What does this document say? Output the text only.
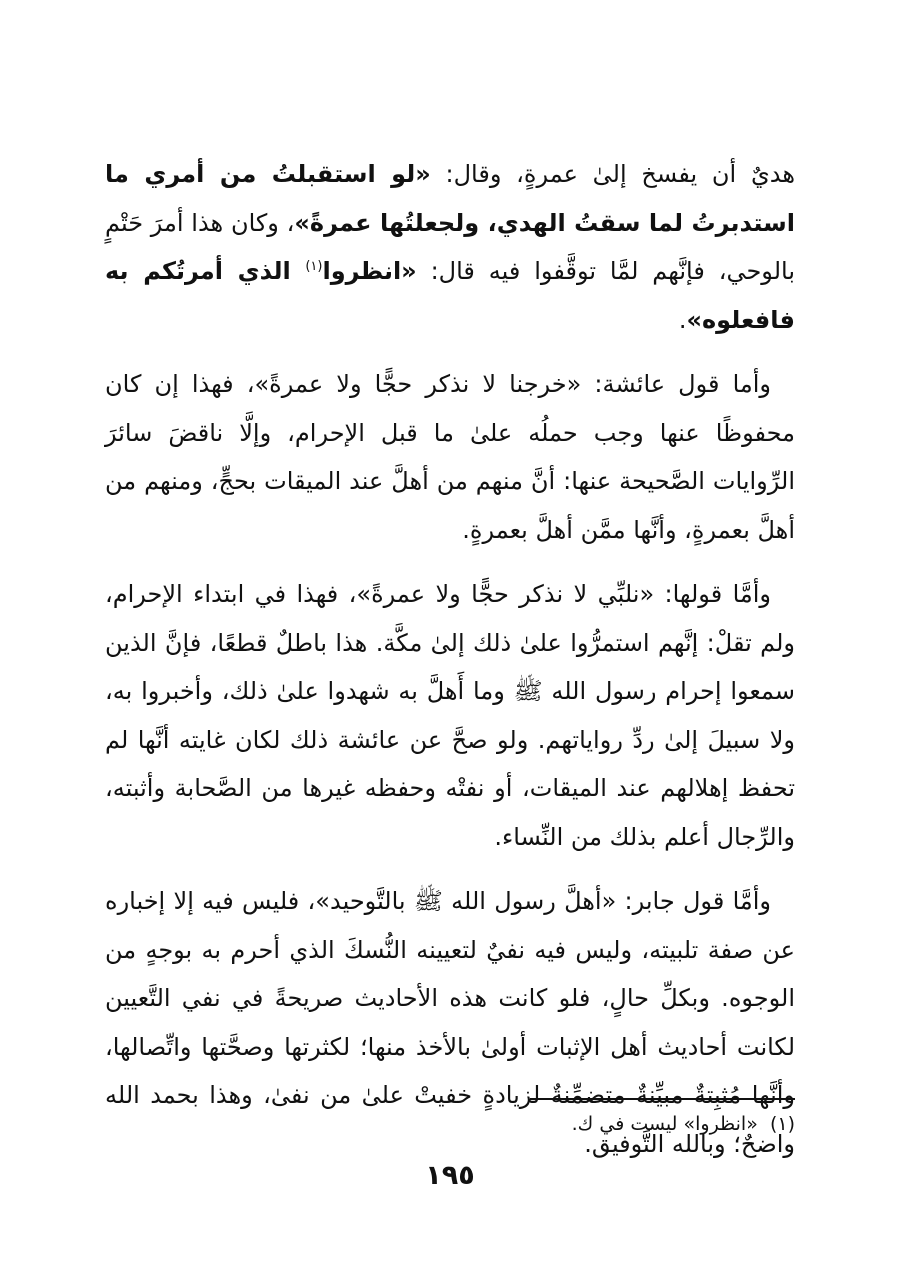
هديٌ أن يفسخ إلىٰ عمرةٍ، وقال: «لو استقبلتُ من أمري ما استدبرتُ لما سقتُ الهدي، ولجعلتُها عمرةً»، وكان هذا أمرَ حَتْمٍ بالوحي، فإنَّهم لمَّا توقَّفوا فيه قال: «انظروا$^{(١)}$ الذي أمرتُكم به فافعلوه».

وأما قول عائشة: «خرجنا لا نذكر حجًّا ولا عمرةً»، فهذا إن كان محفوظًا عنها وجب حملُه علىٰ ما قبل الإحرام، وإلَّا ناقضَ سائرَ الرِّوايات الصَّحيحة عنها: أنَّ منهم من أهلَّ عند الميقات بحجٍّ، ومنهم من أهلَّ بعمرةٍ، وأنَّها ممَّن أهلَّ بعمرةٍ.

وأمَّا قولها: «نلبِّي لا نذكر حجًّا ولا عمرةً»، فهذا في ابتداء الإحرام، ولم تقلْ: إنَّهم استمرُّوا علىٰ ذلك إلىٰ مكَّة. هذا باطلٌ قطعًا، فإنَّ الذين سمعوا إحرام رسول الله ﷺ وما أَهلَّ به شهدوا علىٰ ذلك، وأخبروا به، ولا سبيلَ إلىٰ ردِّ رواياتهم. ولو صحَّ عن عائشة ذلك لكان غايته أنَّها لم تحفظ إهلالهم عند الميقات، أو نفتْه وحفظه غيرها من الصَّحابة وأثبته، والرِّجال أعلم بذلك من النِّساء.

وأمَّا قول جابر: «أهلَّ رسول الله ﷺ بالتَّوحيد»، فليس فيه إلا إخباره عن صفة تلبيته، وليس فيه نفيٌ لتعيينه النُّسكَ الذي أحرم به بوجهٍ من الوجوه. وبكلِّ حالٍ، فلو كانت هذه الأحاديث صريحةً في نفي التَّعيين لكانت أحاديث أهل الإثبات أولىٰ بالأخذ منها؛ لكثرتها وصحَّتها واتِّصالها، وأنَّها مُثبِتةٌ مبيِّنةٌ متضمِّنةٌ لزيادةٍ خفيتْ علىٰ من نفىٰ، وهذا بحمد الله واضحٌ؛ وبالله التَّوفيق.

(١)  «انظروا» ليست في ك.

١٩٥
